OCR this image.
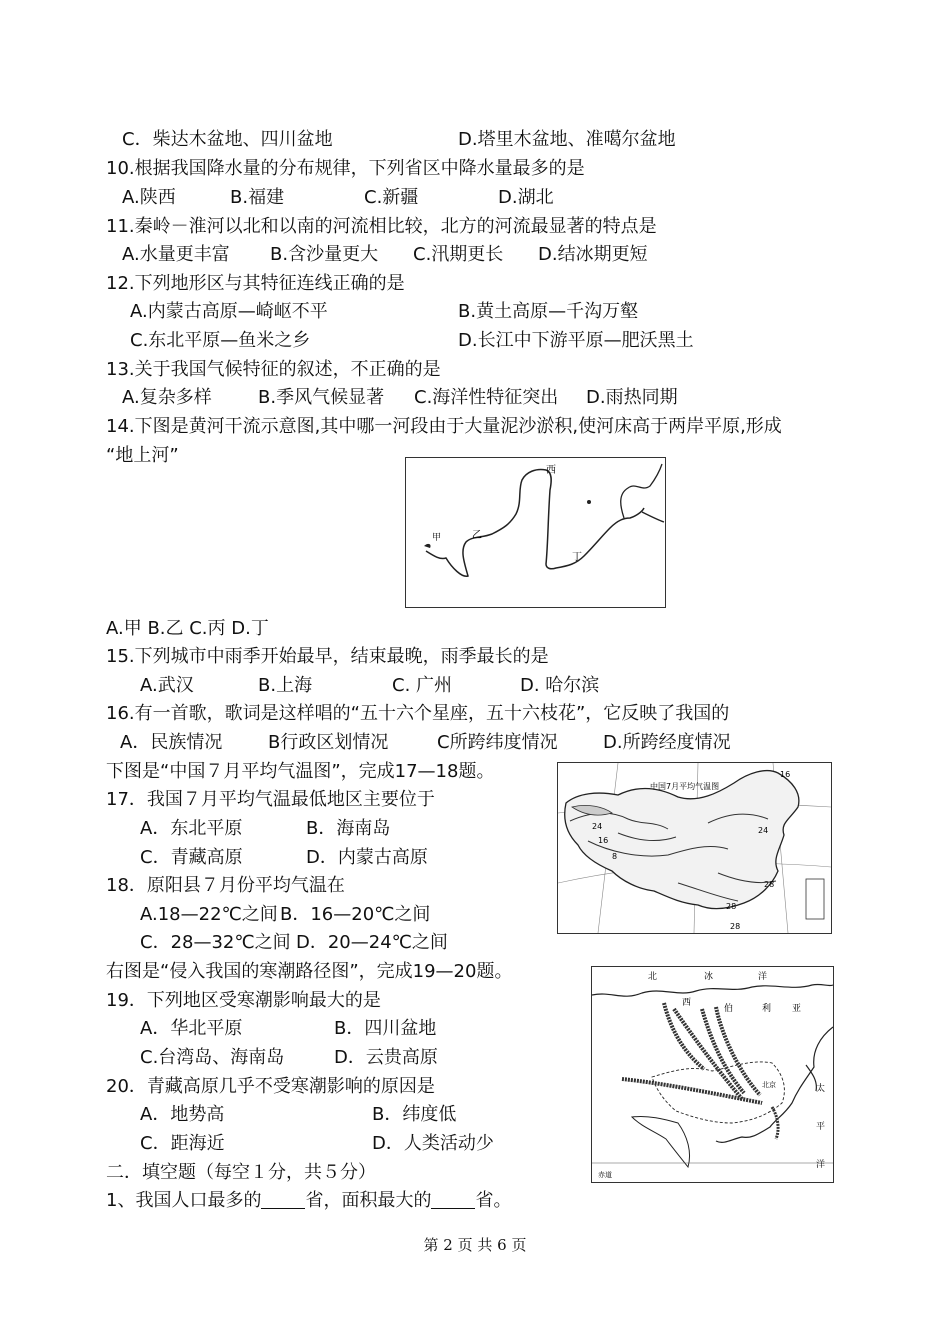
C．柴达木盆地、四川盆地	D.塔里木盆地、准噶尔盆地
10.根据我国降水量的分布规律，下列省区中降水量最多的是
A.陕西	B.福建	C.新疆	D.湖北
11.秦岭－淮河以北和以南的河流相比较，北方的河流最显著的特点是
A.水量更丰富 B.含沙量更大 C.汛期更长 D.结冰期更短
12.下列地形区与其特征连线正确的是
A.内蒙古高原—崎岖不平	B.黄土高原—千沟万壑
C.东北平原—鱼米之乡	D.长江中下游平原—肥沃黑土
13.关于我国气候特征的叙述，不正确的是
A.复杂多样	B.季风气候显著 C.海洋性特征突出 D.雨热同期
14.下图是黄河干流示意图,其中哪一河段由于大量泥沙淤积,使河床高于两岸平原,形成
“地上河”
西
甲	乙
丁
A.甲 B.乙 C.丙 D.丁
15.下列城市中雨季开始最早，结束最晚，雨季最长的是
A.武汉	B.上海	C. 广州	D. 哈尔滨
16.有一首歌，歌词是这样唱的“五十六个星座，五十六枝花”，它反映了我国的
A．民族情况	B行政区划情况	C所跨纬度情况	D.所跨经度情况
下图是“中国７月平均气温图”，完成17—18题。
中国7月平均气温图
16
24
16
8
24
28
28
28
17．我国７月平均气温最低地区主要位于
A．东北平原	B．海南岛
C．青藏高原	D．内蒙古高原
18．原阳县７月份平均气温在
A.18—22℃之间 B．16—20℃之间
C．28—32℃之间 D．20—24℃之间
右图是“侵入我国的寒潮路径图”，完成19—20题。	北	冰	洋
西
伯	利 亚
太
平
洋
北京
赤道
19．下列地区受寒潮影响最大的是
A．华北平原	B．四川盆地
C.台湾岛、海南岛	D．云贵高原
20．青藏高原几乎不受寒潮影响的原因是
A．地势高	B．纬度低
C．距海近	D．人类活动少
二．填空题（每空１分，共５分）
1、我国人口最多的 省，面积最大的 省。
第 2 页 共 6 页
